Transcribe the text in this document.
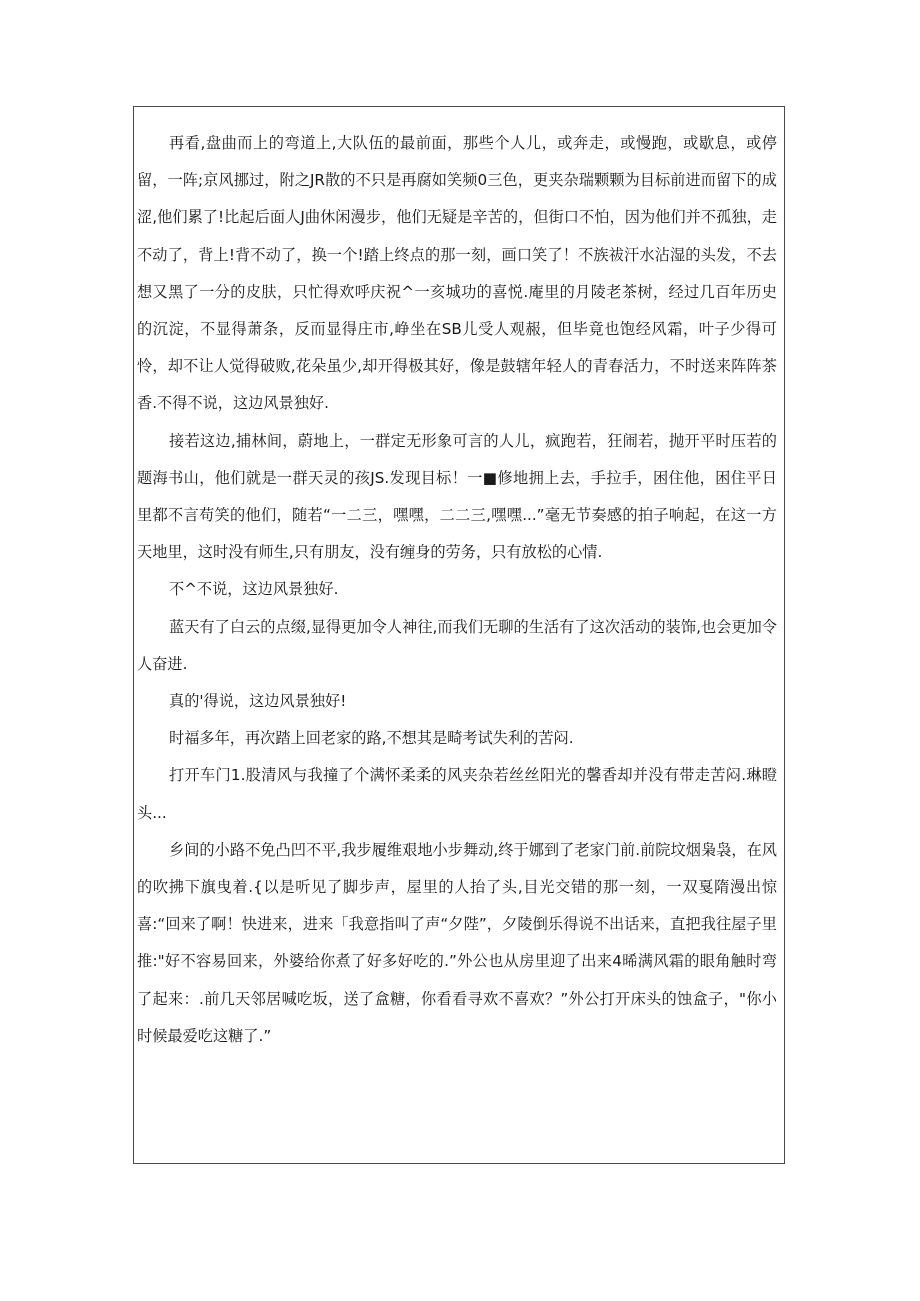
再看,盘曲而上的弯道上,大队伍的最前面，那些个人儿，或奔走，或慢跑，或歇息，或停留，一阵;京风挪过，附之JR散的不只是再腐如笑频0三色，更夹杂瑞颗颗为目标前进而留下的成涩,他们累了!比起后面人J曲休闲漫步，他们无疑是辛苦的，但街口不怕，因为他们并不孤独，走不动了，背上!背不动了，换一个!踏上终点的那一刻，画口笑了！不族祓汗水沾湿的头发，不去想又黑了一分的皮肤，只忙得欢呼庆祝^一亥城功的喜悦.庵里的月陵老茶树，经过几百年历史的沉淀，不显得萧条，反而显得庄市,峥坐在SB儿受人观赧，但毕竟也饱经风霜，叶子少得可怜，却不让人觉得破败,花朵虽少,却开得极其好，像是鼓辖年轻人的青春活力，不时送来阵阵茶香.不得不说，这边风景独好.

接若这边,捕林间，蔚地上，一群定无形象可言的人儿，疯跑若，狂闹若，抛开平时压若的题海书山，他们就是一群天灵的孩JS.发现目标！一■修地拥上去，手拉手，困住他，困住平日里都不言苟笑的他们，随若“一二三，嘿嘿，二二三,嘿嘿...”毫无节奏感的拍子响起，在这一方天地里，这时没有师生,只有朋友，没有缠身的劳务，只有放松的心情.

不^不说，这边风景独好.

蓝天有了白云的点缀,显得更加令人神往,而我们无聊的生活有了这次活动的装饰,也会更加令人奋进.

真的'得说，这边风景独好!

时福多年，再次踏上回老家的路,不想其是畸考试失利的苦闷.

打开车门1.股清风与我撞了个满怀柔柔的风夹杂若丝丝阳光的馨香却并没有带走苦闷.琳瞪头...

乡间的小路不免凸凹不平,我步履维艰地小步舞动,终于娜到了老家门前.前院坟烟枭袅，在风的吹拂下旗曳着.{以是听见了脚步声，屋里的人抬了头,目光交错的那一刻，一双戛隋漫出惊喜:“回来了啊！快进来，进来「我意指叫了声“夕陛”，夕陵倒乐得说不出话来，直把我往屋子里推:"好不容易回来，外婆给你煮了好多好吃的.”外公也从房里迎了出来4晞满风霜的眼角触时弯了起来：.前几天邻居喊吃坂，送了盒糖，你看看寻欢不喜欢？”外公打开床头的蚀盒子，"你小时候最爱吃这糖了.”
